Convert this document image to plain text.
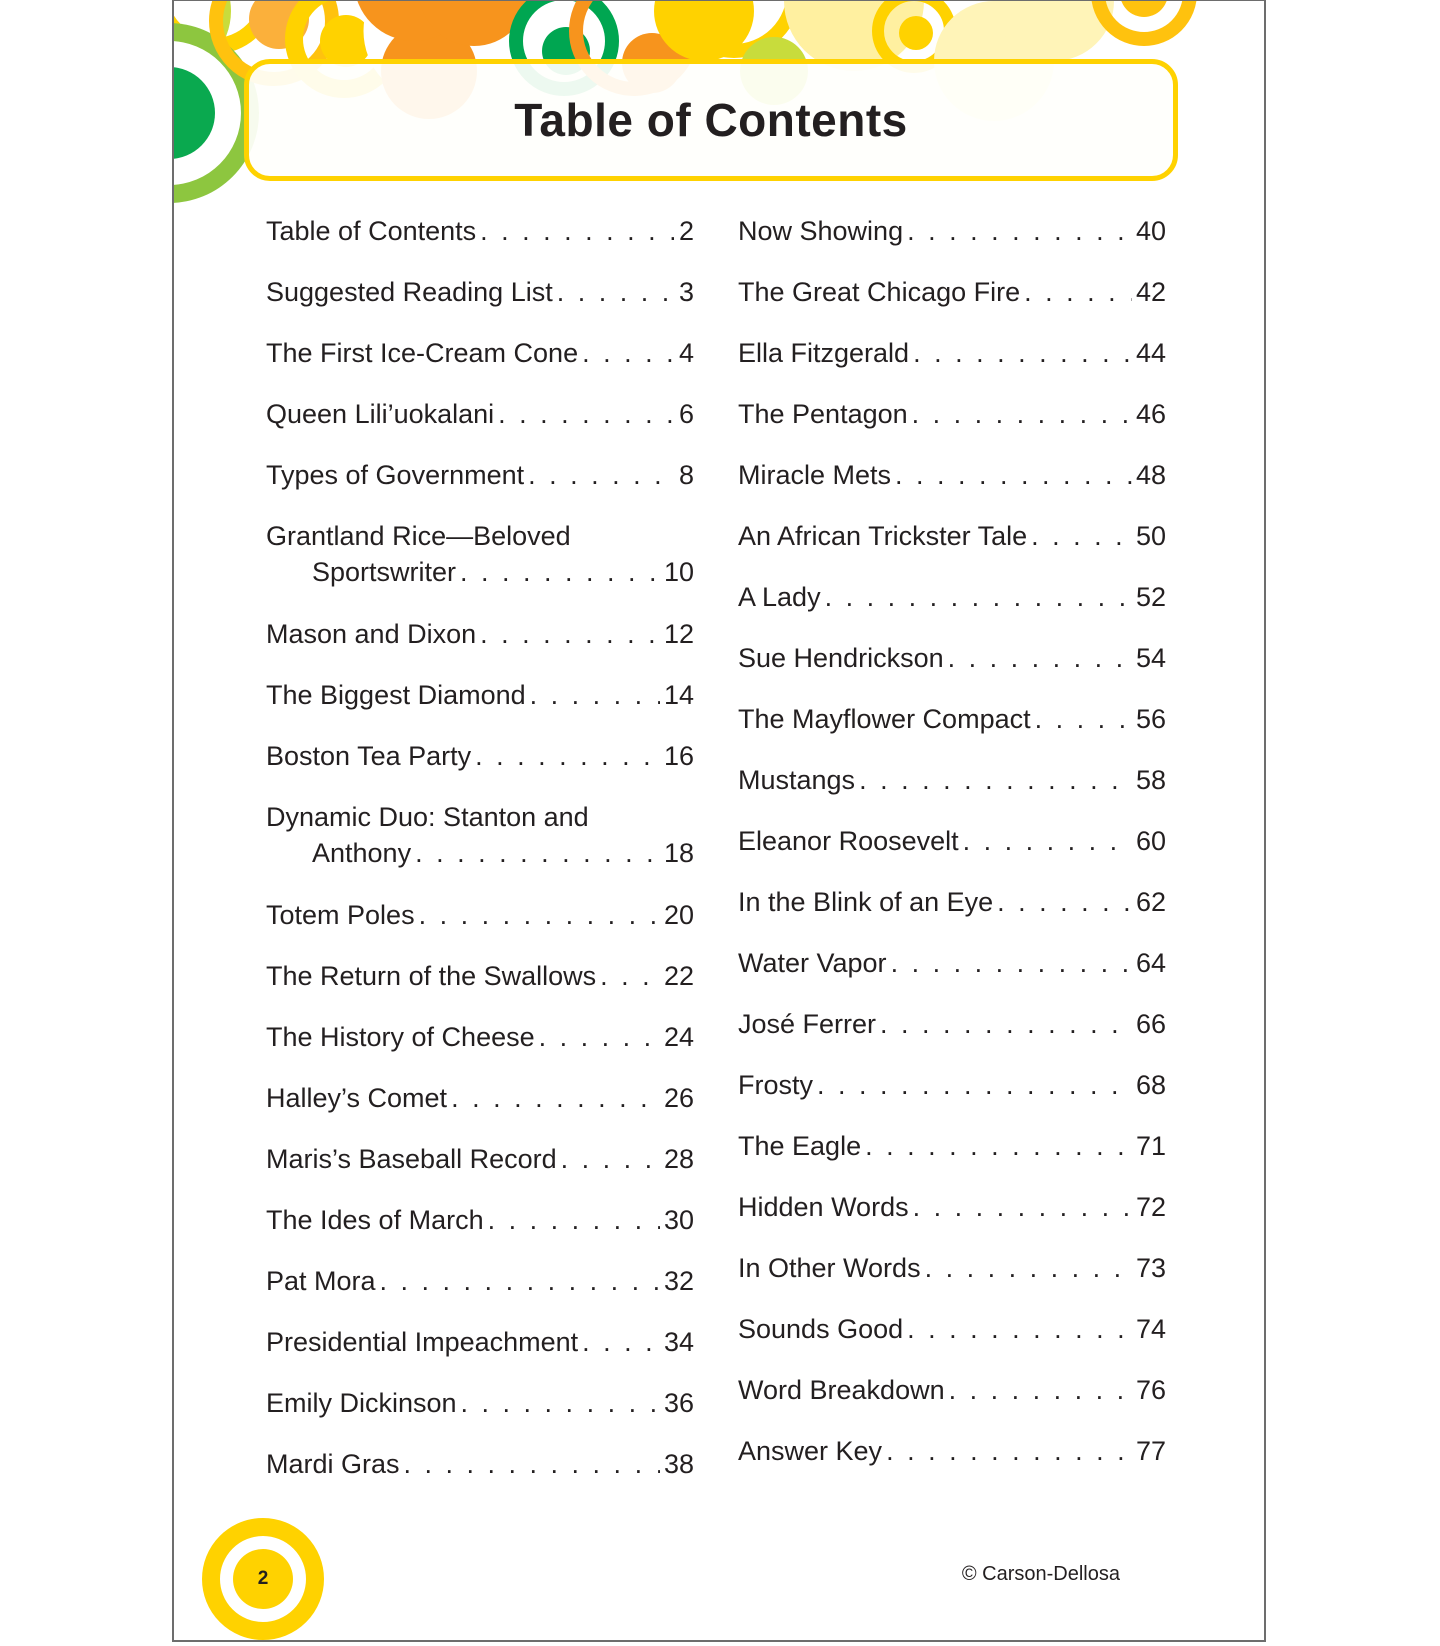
Table of Contents
Table of Contents . . .	2
Suggested Reading List . . .	3
The First Ice-Cream Cone . . .	4
Queen Lili’uokalani . . .	6
Types of Government . . .	8
Grantland Rice—Beloved
Sportswriter . . .	10
Mason and Dixon . . .	12
The Biggest Diamond . . .	14
Boston Tea Party . . .	16
Dynamic Duo: Stanton and
Anthony . . .	18
Totem Poles . . .	20
The Return of the Swallows . . .	22
The History of Cheese . . .	24
Halley’s Comet . . .	26
Maris’s Baseball Record . . .	28
The Ides of March . . .	30
Pat Mora . . .	32
Presidential Impeachment . . .	34
Emily Dickinson . . .	36
Mardi Gras . . .	38
Now Showing . . .	40
The Great Chicago Fire . . .	42
Ella Fitzgerald . . .	44
The Pentagon . . .	46
Miracle Mets . . .	48
An African Trickster Tale . . .	50
A Lady . . .	52
Sue Hendrickson . . .	54
The Mayflower Compact . . .	56
Mustangs . . .	58
Eleanor Roosevelt . . .	60
In the Blink of an Eye . . .	62
Water Vapor . . .	64
José Ferrer . . .	66
Frosty . . .	68
The Eagle . . .	71
Hidden Words . . .	72
In Other Words . . .	73
Sounds Good . . .	74
Word Breakdown . . .	76
Answer Key . . .	77
2	© Carson-Dellosa
